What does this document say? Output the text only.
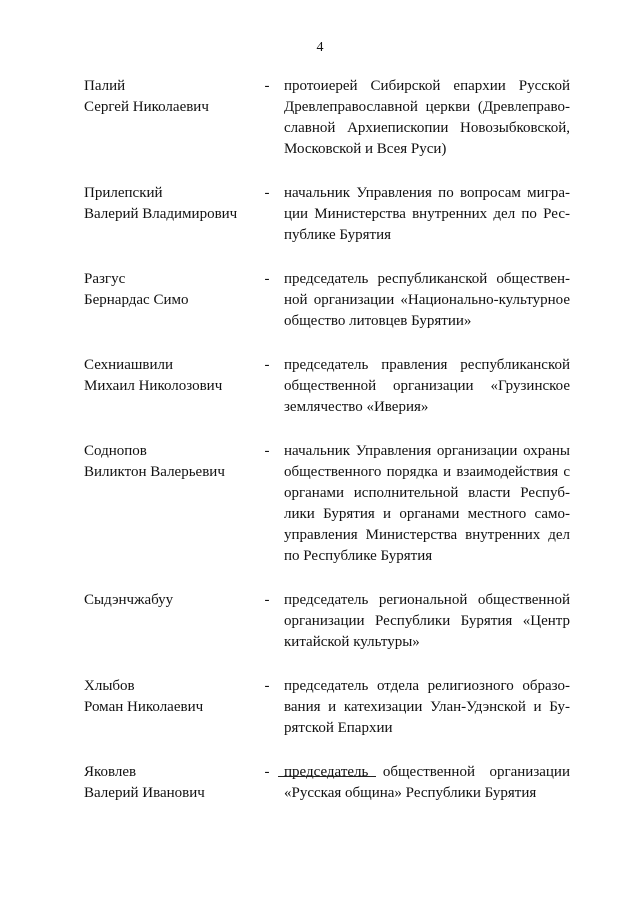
4
Палий
Сергей Николаевич
- протоиерей Сибирской епархии Русской
Древлеправославной церкви (Древлеправо-
славной Архиепископии Новозыбковской,
Московской и Всея Руси)
Прилепский
Валерий Владимирович
- начальник Управления по вопросам мигра-
ции Министерства внутренних дел по Рес-
публике Бурятия
Разгус
Бернардас Симо
- председатель республиканской обществен-
ной организации «Национально-культурное
общество литовцев Бурятии»
Сехниашвили
Михаил Николозович
- председатель правления республиканской
общественной организации «Грузинское
землячество «Иверия»
Соднопов
Виликтон Валерьевич
- начальник Управления организации охраны
общественного порядка и взаимодействия с
органами исполнительной власти Респуб-
лики Бурятия и органами местного само-
управления Министерства внутренних дел
по Республике Бурятия
Сыдэнчжабуу	- председатель региональной общественной
организации Республики Бурятия «Центр
китайской культуры»
Хлыбов
Роман Николаевич
- председатель отдела религиозного образо-
вания и катехизации Улан-Удэнской и Бу-
рятской Епархии
Яковлев
Валерий Иванович
- председатель общественной организации
«Русская община» Республики Бурятия
